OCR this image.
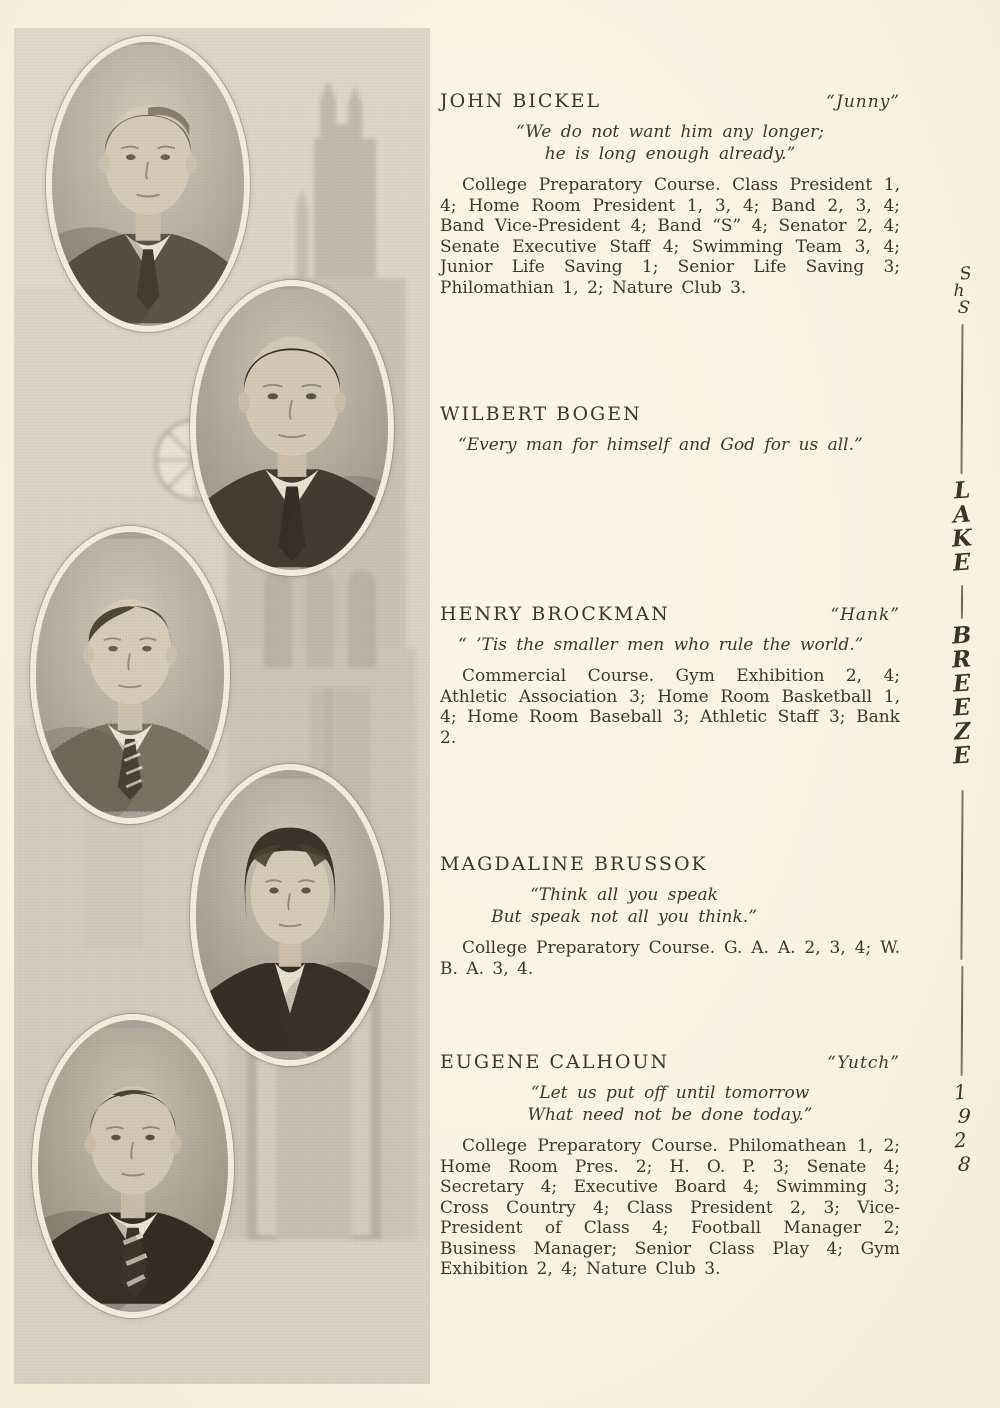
JOHN BICKEL	“Junny”
“We do not want him any longer;
he is long enough already.”

College Preparatory Course. Class President 1, 4; Home Room President 1, 3, 4; Band 2, 3, 4; Band Vice-President 4; Band “S” 4; Senator 2, 4; Senate Executive Staff 4; Swimming Team 3, 4; Junior Life Saving 1; Senior Life Saving 3; Philomathian 1, 2; Nature Club 3.

WILBERT BOGEN
“Every man for himself and God for us all.”
HENRY BROCKMAN	“Hank”
“ ’Tis the smaller men who rule the world.”

Commercial Course. Gym Exhibition 2, 4; Athletic Association 3; Home Room Basketball 1, 4; Home Room Baseball 3; Athletic Staff 3; Bank 2.

MAGDALINE BRUSSOK
“Think all you speak
But speak not all you think.”

College Preparatory Course. G. A. A. 2, 3, 4; W. B. A. 3, 4.

EUGENE CALHOUN	“Yutch”
“Let us put off until tomorrow
What need not be done today.”

College Preparatory Course. Philomathean 1, 2; Home Room Pres. 2; H. O. P. 3; Senate 4; Secretary 4; Executive Board 4; Swimming 3; Cross Country 4; Class President 2, 3; Vice-President of Class 4; Football Manager 2; Business Manager; Senior Class Play 4; Gym Exhibition 2, 4; Nature Club 3.

S
h
S
L
A
K
E
B
R
E
E
Z
E
1
9
2
8
